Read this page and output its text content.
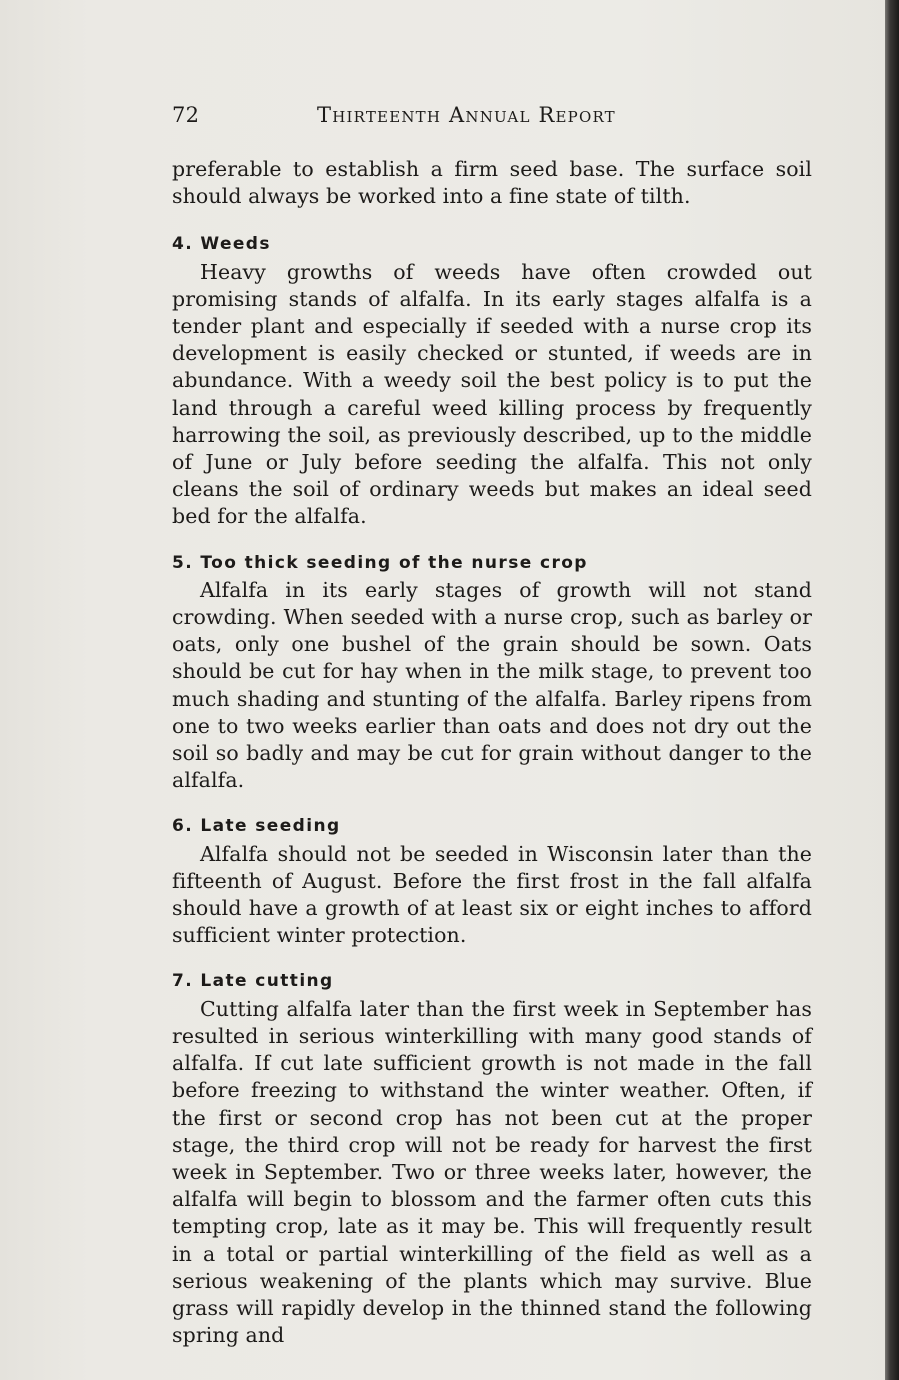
72	Thirteenth Annual Report

preferable to establish a firm seed base. The surface soil should always be worked into a fine state of tilth.

4. Weeds

Heavy growths of weeds have often crowded out promising stands of alfalfa. In its early stages alfalfa is a tender plant and especially if seeded with a nurse crop its development is easily checked or stunted, if weeds are in abundance. With a weedy soil the best policy is to put the land through a careful weed killing process by frequently harrowing the soil, as previously described, up to the middle of June or July before seeding the alfalfa. This not only cleans the soil of ordinary weeds but makes an ideal seed bed for the alfalfa.

5. Too thick seeding of the nurse crop

Alfalfa in its early stages of growth will not stand crowding. When seeded with a nurse crop, such as barley or oats, only one bushel of the grain should be sown. Oats should be cut for hay when in the milk stage, to prevent too much shading and stunting of the alfalfa. Barley ripens from one to two weeks earlier than oats and does not dry out the soil so badly and may be cut for grain without danger to the alfalfa.

6. Late seeding

Alfalfa should not be seeded in Wisconsin later than the fifteenth of August. Before the first frost in the fall alfalfa should have a growth of at least six or eight inches to afford sufficient winter protection.

7. Late cutting

Cutting alfalfa later than the first week in September has resulted in serious winterkilling with many good stands of alfalfa. If cut late sufficient growth is not made in the fall before freezing to withstand the winter weather. Often, if the first or second crop has not been cut at the proper stage, the third crop will not be ready for harvest the first week in September. Two or three weeks later, however, the alfalfa will begin to blossom and the farmer often cuts this tempting crop, late as it may be. This will frequently result in a total or partial winterkilling of the field as well as a serious weakening of the plants which may survive. Blue grass will rapidly develop in the thinned stand the following spring and
